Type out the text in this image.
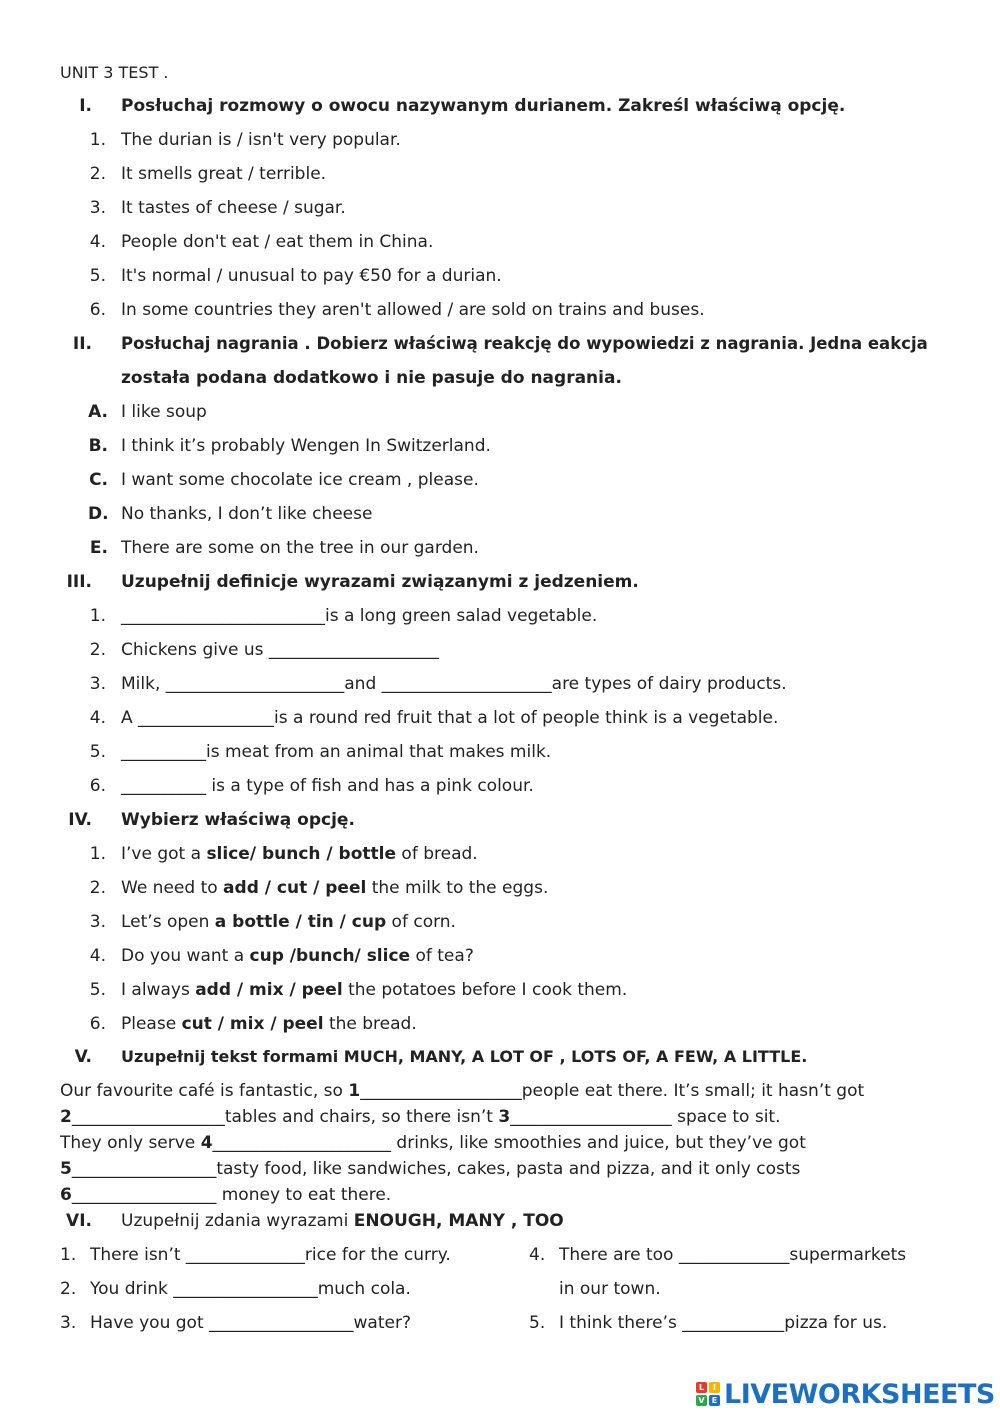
UNIT 3 TEST .
I. Posłuchaj rozmowy o owocu nazywanym durianem. Zakreśl właściwą opcję.
1. The durian is / isn't very popular.
2. It smells great / terrible.
3. It tastes of cheese / sugar.
4. People don't eat / eat them in China.
5. It's normal / unusual to pay €50 for a durian.
6. In some countries they aren't allowed / are sold on trains and buses.
II. Posłuchaj nagrania . Dobierz właściwą reakcję do wypowiedzi z nagrania. Jedna eakcja
została podana dodatkowo i nie pasuje do nagrania.
A. I like soup
B. I think it’s probably Wengen In Switzerland.
C. I want some chocolate ice cream , please.
D. No thanks, I don’t like cheese
E. There are some on the tree in our garden.
III. Uzupełnij definicje wyrazami związanymi z jedzeniem.
1. ________________________is a long green salad vegetable.
2. Chickens give us ____________________
3. Milk, _____________________and ____________________are types of dairy products.
4. A ________________is a round red fruit that a lot of people think is a vegetable.
5. __________is meat from an animal that makes milk.
6. __________ is a type of fish and has a pink colour.
IV. Wybierz właściwą opcję.
1. I’ve got a slice/ bunch / bottle of bread.
2. We need to add / cut / peel the milk to the eggs.
3. Let’s open a bottle / tin / cup of corn.
4. Do you want a cup /bunch/ slice of tea?
5. I always add / mix / peel the potatoes before I cook them.
6. Please cut / mix / peel the bread.
V. Uzupełnij tekst formami MUCH, MANY, A LOT OF , LOTS OF, A FEW, A LITTLE.
Our favourite café is fantastic, so 1___________________people eat there. It’s small; it hasn’t got
2__________________tables and chairs, so there isn’t 3___________________ space to sit.
They only serve 4_____________________ drinks, like smoothies and juice, but they’ve got
5_________________tasty food, like sandwiches, cakes, pasta and pizza, and it only costs
6_________________ money to eat there.
VI. Uzupełnij zdania wyrazami ENOUGH, MANY , TOO
1. There isn’t ______________rice for the curry.
2. You drink _________________much cola.
3. Have you got _________________water?
4. There are too _____________supermarkets
in our town.
5. I think there’s ____________pizza for us.
L	I
V E LIVEWORKSHEETS
